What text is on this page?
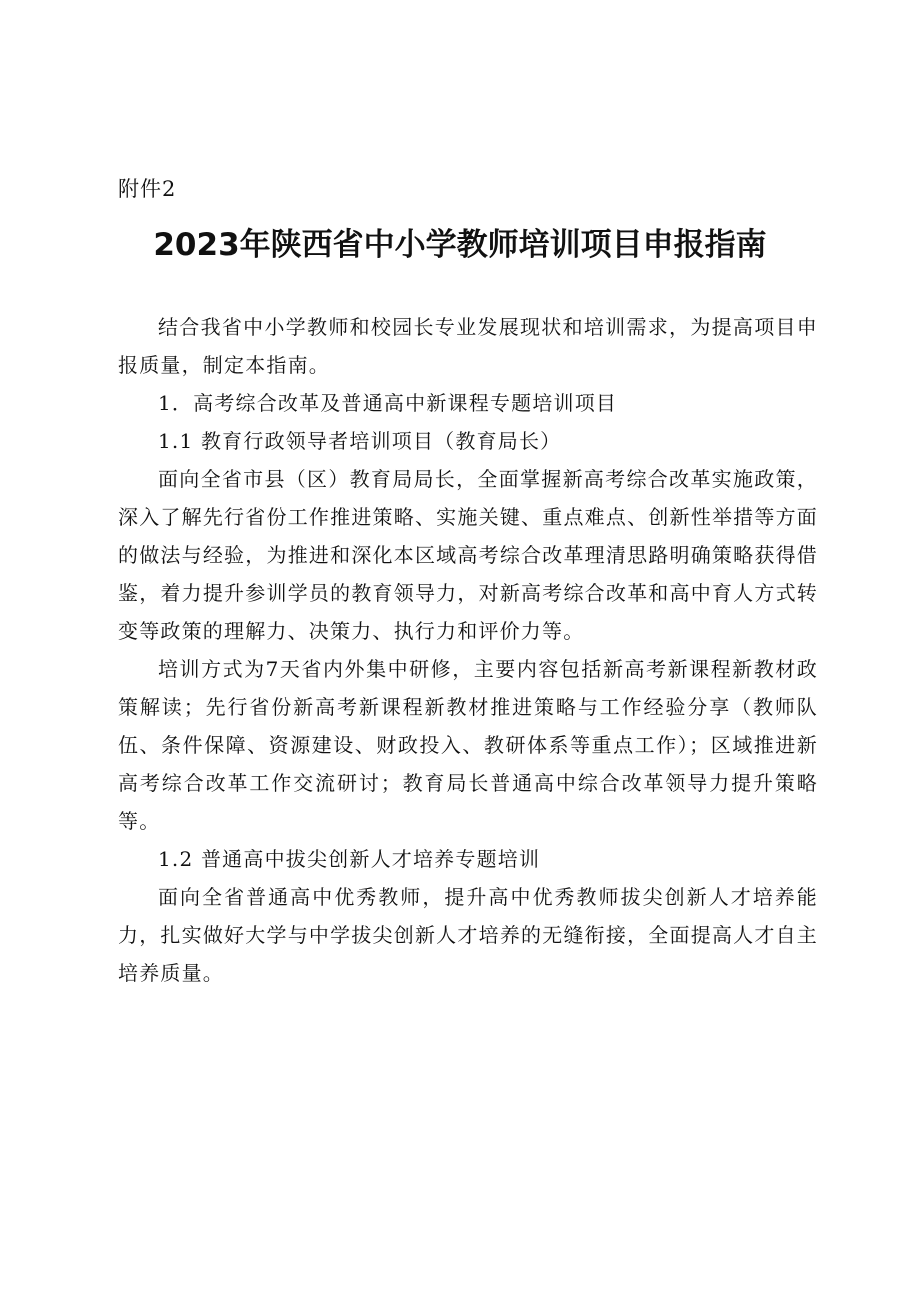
附件2
2023年陕西省中小学教师培训项目申报指南

结合我省中小学教师和校园长专业发展现状和培训需求，为提高项目申报质量，制定本指南。

1．高考综合改革及普通高中新课程专题培训项目

1.1 教育行政领导者培训项目（教育局长）

面向全省市县（区）教育局局长，全面掌握新高考综合改革实施政策，深入了解先行省份工作推进策略、实施关键、重点难点、创新性举措等方面的做法与经验，为推进和深化本区域高考综合改革理清思路明确策略获得借鉴，着力提升参训学员的教育领导力，对新高考综合改革和高中育人方式转变等政策的理解力、决策力、执行力和评价力等。

培训方式为7天省内外集中研修，主要内容包括新高考新课程新教材政策解读；先行省份新高考新课程新教材推进策略与工作经验分享（教师队伍、条件保障、资源建设、财政投入、教研体系等重点工作）；区域推进新高考综合改革工作交流研讨；教育局长普通高中综合改革领导力提升策略等。

1.2 普通高中拔尖创新人才培养专题培训

面向全省普通高中优秀教师，提升高中优秀教师拔尖创新人才培养能力，扎实做好大学与中学拔尖创新人才培养的无缝衔接，全面提高人才自主培养质量。
